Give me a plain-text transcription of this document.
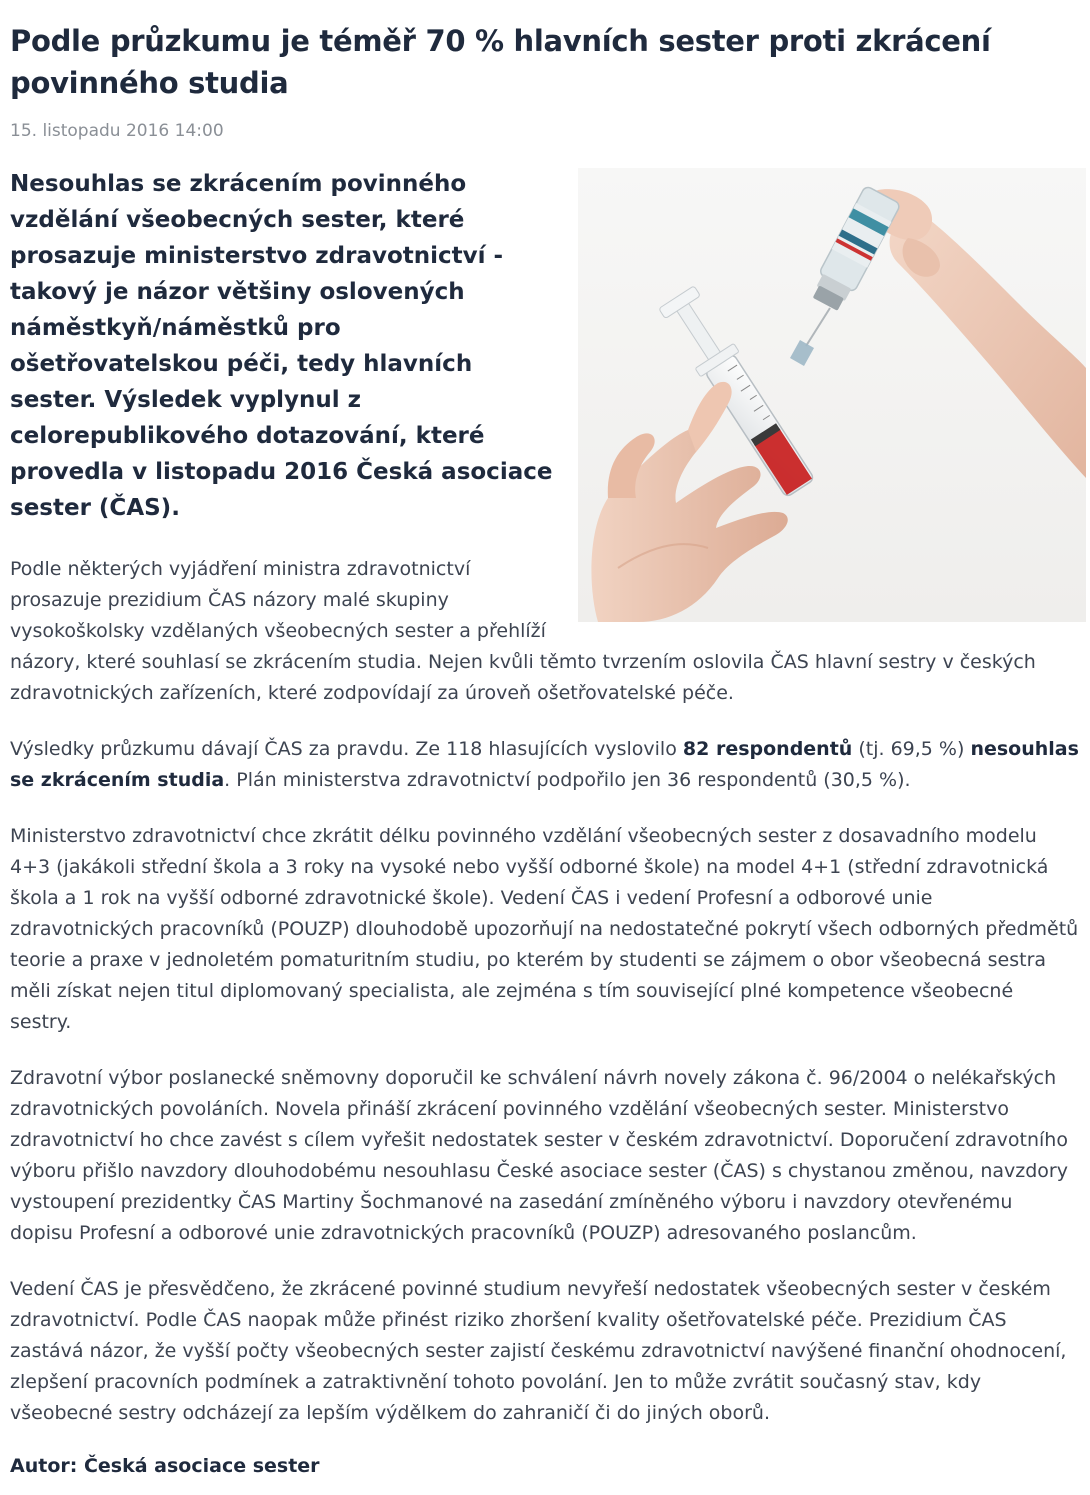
Podle průzkumu je téměř 70 % hlavních sester proti zkrácení povinného studia
15. listopadu 2016 14:00
Nesouhlas se zkrácením povinného vzdělání všeobecných sester, které prosazuje ministerstvo zdravotnictví - takový je názor většiny oslovených náměstkyň/náměstků pro ošetřovatelskou péči, tedy hlavních sester. Výsledek vyplynul z celorepublikového dotazování, které provedla v listopadu 2016 Česká asociace sester (ČAS).

Podle některých vyjádření ministra zdravotnictví prosazuje prezidium ČAS názory malé skupiny vysokoškolsky vzdělaných všeobecných sester a přehlíží názory, které souhlasí se zkrácením studia. Nejen kvůli těmto tvrzením oslovila ČAS hlavní sestry v českých zdravotnických zařízeních, které zodpovídají za úroveň ošetřovatelské péče.

Výsledky průzkumu dávají ČAS za pravdu. Ze 118 hlasujících vyslovilo 82 respondentů (tj. 69,5 %) nesouhlas se zkrácením studia. Plán ministerstva zdravotnictví podpořilo jen 36 respondentů (30,5 %).

Ministerstvo zdravotnictví chce zkrátit délku povinného vzdělání všeobecných sester z dosavadního modelu 4+3 (jakákoli střední škola a 3 roky na vysoké nebo vyšší odborné škole) na model 4+1 (střední zdravotnická škola a 1 rok na vyšší odborné zdravotnické škole). Vedení ČAS i vedení Profesní a odborové unie zdravotnických pracovníků (POUZP) dlouhodobě upozorňují na nedostatečné pokrytí všech odborných předmětů teorie a praxe v jednoletém pomaturitním studiu, po kterém by studenti se zájmem o obor všeobecná sestra měli získat nejen titul diplomovaný specialista, ale zejména s tím související plné kompetence všeobecné sestry.

Zdravotní výbor poslanecké sněmovny doporučil ke schválení návrh novely zákona č. 96/2004 o nelékařských zdravotnických povoláních. Novela přináší zkrácení povinného vzdělání všeobecných sester. Ministerstvo zdravotnictví ho chce zavést s cílem vyřešit nedostatek sester v českém zdravotnictví. Doporučení zdravotního výboru přišlo navzdory dlouhodobému nesouhlasu České asociace sester (ČAS) s chystanou změnou, navzdory vystoupení prezidentky ČAS Martiny Šochmanové na zasedání zmíněného výboru i navzdory otevřenému dopisu Profesní a odborové unie zdravotnických pracovníků (POUZP) adresovaného poslancům.

Vedení ČAS je přesvědčeno, že zkrácené povinné studium nevyřeší nedostatek všeobecných sester v českém zdravotnictví. Podle ČAS naopak může přinést riziko zhoršení kvality ošetřovatelské péče. Prezidium ČAS zastává názor, že vyšší počty všeobecných sester zajistí českému zdravotnictví navýšené finanční ohodnocení, zlepšení pracovních podmínek a zatraktivnění tohoto povolání. Jen to může zvrátit současný stav, kdy všeobecné sestry odcházejí za lepším výdělkem do zahraničí či do jiných oborů.

Autor: Česká asociace sester
